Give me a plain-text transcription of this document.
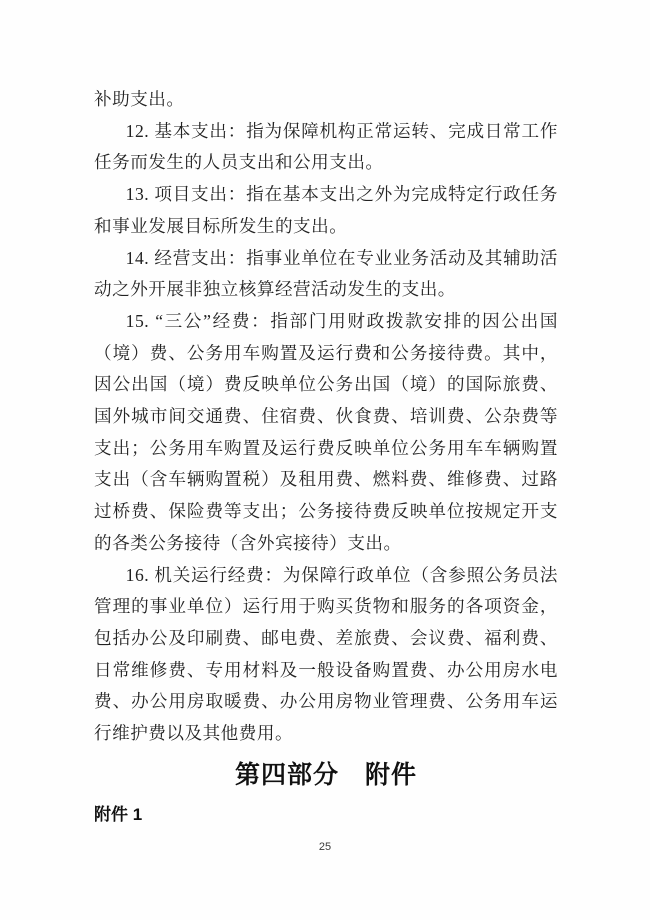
补助支出。

12. 基本支出：指为保障机构正常运转、完成日常工作任务而发生的人员支出和公用支出。

13. 项目支出：指在基本支出之外为完成特定行政任务和事业发展目标所发生的支出。

14. 经营支出：指事业单位在专业业务活动及其辅助活动之外开展非独立核算经营活动发生的支出。

15. “三公”经费：指部门用财政拨款安排的因公出国（境）费、公务用车购置及运行费和公务接待费。其中，因公出国（境）费反映单位公务出国（境）的国际旅费、国外城市间交通费、住宿费、伙食费、培训费、公杂费等支出；公务用车购置及运行费反映单位公务用车车辆购置支出（含车辆购置税）及租用费、燃料费、维修费、过路过桥费、保险费等支出；公务接待费反映单位按规定开支的各类公务接待（含外宾接待）支出。

16. 机关运行经费：为保障行政单位（含参照公务员法管理的事业单位）运行用于购买货物和服务的各项资金，包括办公及印刷费、邮电费、差旅费、会议费、福利费、日常维修费、专用材料及一般设备购置费、办公用房水电费、办公用房取暖费、办公用房物业管理费、公务用车运行维护费以及其他费用。

第四部分　附件
附件 1
25
